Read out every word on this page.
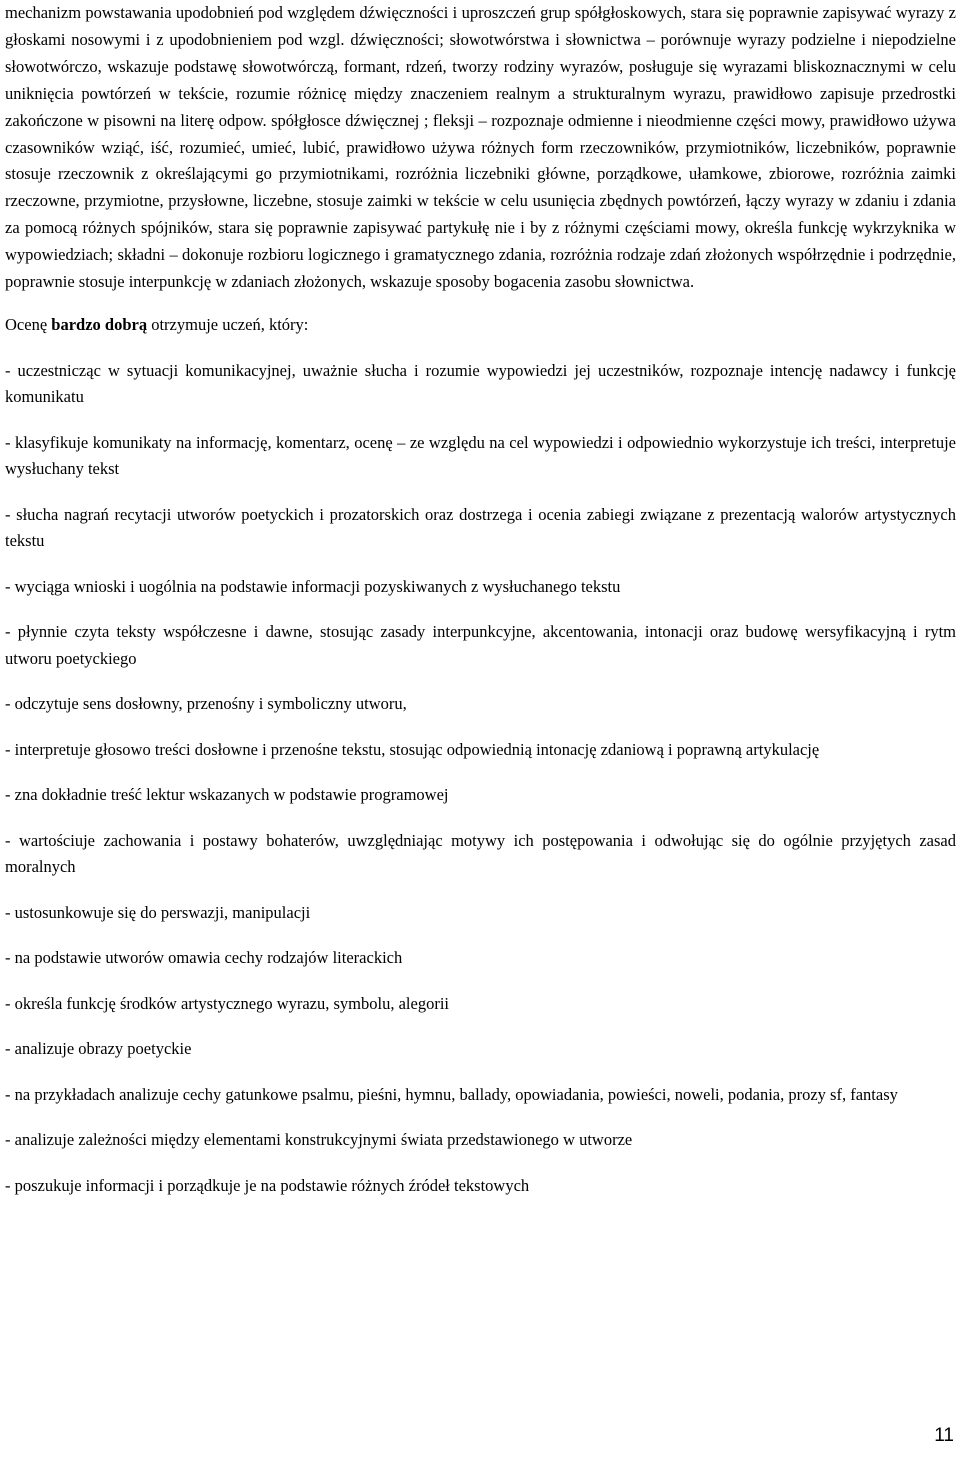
mechanizm powstawania upodobnień pod względem dźwięczności i uproszczeń grup spółgłoskowych, stara się poprawnie zapisywać wyrazy z głoskami nosowymi i z upodobnieniem pod wzgl. dźwięczności; słowotwórstwa i słownictwa – porównuje wyrazy podzielne i niepodzielne słowotwórczo, wskazuje podstawę słowotwórczą, formant, rdzeń, tworzy rodziny wyrazów, posługuje się wyrazami bliskoznacznymi w celu uniknięcia powtórzeń w tekście, rozumie różnicę między znaczeniem realnym a strukturalnym wyrazu, prawidłowo zapisuje przedrostki zakończone w pisowni na literę odpow. spółgłosce dźwięcznej ; fleksji – rozpoznaje odmienne i nieodmienne części mowy, prawidłowo używa czasowników wziąć, iść, rozumieć, umieć, lubić, prawidłowo używa różnych form rzeczowników, przymiotników, liczebników, poprawnie stosuje rzeczownik z określającymi go przymiotnikami, rozróżnia liczebniki główne, porządkowe, ułamkowe, zbiorowe, rozróżnia zaimki rzeczowne, przymiotne, przysłowne, liczebne, stosuje zaimki w tekście w celu usunięcia zbędnych powtórzeń, łączy wyrazy w zdaniu i zdania za pomocą różnych spójników, stara się poprawnie zapisywać partykułę nie i by z różnymi częściami mowy, określa funkcję wykrzyknika w wypowiedziach; składni – dokonuje rozbioru logicznego i gramatycznego zdania, rozróżnia rodzaje zdań złożonych współrzędnie i podrzędnie, poprawnie stosuje interpunkcję w zdaniach złożonych, wskazuje sposoby bogacenia zasobu słownictwa.

Ocenę bardzo dobrą otrzymuje uczeń, który:

- uczestnicząc w sytuacji komunikacyjnej, uważnie słucha i rozumie wypowiedzi jej uczestników, rozpoznaje intencję nadawcy i funkcję komunikatu
- klasyfikuje komunikaty na informację, komentarz, ocenę – ze względu na cel wypowiedzi i odpowiednio wykorzystuje ich treści, interpretuje wysłuchany tekst
- słucha nagrań recytacji utworów poetyckich i prozatorskich oraz dostrzega i ocenia zabiegi związane z prezentacją walorów artystycznych tekstu
- wyciąga wnioski i uogólnia na podstawie informacji pozyskiwanych z wysłuchanego tekstu
- płynnie czyta teksty współczesne i dawne, stosując zasady interpunkcyjne, akcentowania, intonacji oraz budowę wersyfikacyjną i rytm utworu poetyckiego
- odczytuje sens dosłowny, przenośny i symboliczny utworu,
- interpretuje głosowo treści dosłowne i przenośne tekstu, stosując odpowiednią intonację zdaniową i poprawną artykulację
- zna dokładnie treść lektur wskazanych w podstawie programowej
- wartościuje zachowania i postawy bohaterów, uwzględniając motywy ich postępowania i odwołując się do ogólnie przyjętych zasad moralnych
- ustosunkowuje się do perswazji, manipulacji
- na podstawie utworów omawia cechy rodzajów literackich
- określa funkcję środków artystycznego wyrazu, symbolu, alegorii
- analizuje obrazy poetyckie
- na przykładach analizuje cechy gatunkowe psalmu, pieśni, hymnu, ballady, opowiadania, powieści, noweli, podania, prozy sf, fantasy
- analizuje zależności między elementami konstrukcyjnymi świata przedstawionego w utworze
- poszukuje informacji i porządkuje je na podstawie różnych źródeł tekstowych
11
